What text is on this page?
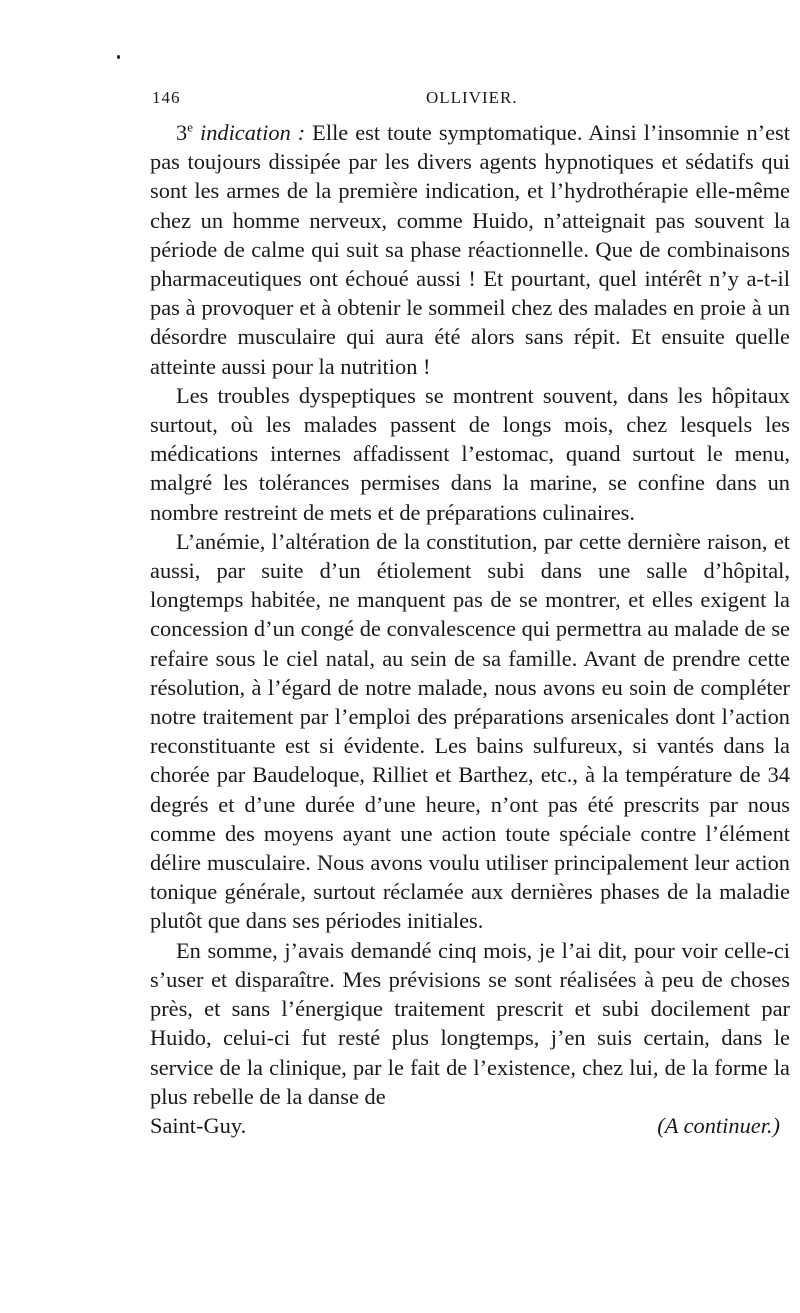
146	OLLIVIER.

3e indication : Elle est toute symptomatique. Ainsi l’insomnie n’est pas toujours dissipée par les divers agents hypnotiques et sédatifs qui sont les armes de la première indication, et l’hydrothérapie elle-même chez un homme nerveux, comme Huido, n’atteignait pas souvent la période de calme qui suit sa phase réactionnelle. Que de combinaisons pharmaceutiques ont échoué aussi ! Et pourtant, quel intérêt n’y a-t-il pas à provoquer et à obtenir le sommeil chez des malades en proie à un désordre musculaire qui aura été alors sans répit. Et ensuite quelle atteinte aussi pour la nutrition !

Les troubles dyspeptiques se montrent souvent, dans les hôpitaux surtout, où les malades passent de longs mois, chez lesquels les médications internes affadissent l’estomac, quand surtout le menu, malgré les tolérances permises dans la marine, se confine dans un nombre restreint de mets et de préparations culinaires.

L’anémie, l’altération de la constitution, par cette dernière raison, et aussi, par suite d’un étiolement subi dans une salle d’hôpital, longtemps habitée, ne manquent pas de se montrer, et elles exigent la concession d’un congé de convalescence qui permettra au malade de se refaire sous le ciel natal, au sein de sa famille. Avant de prendre cette résolution, à l’égard de notre malade, nous avons eu soin de compléter notre traitement par l’emploi des préparations arsenicales dont l’action reconstituante est si évidente. Les bains sulfureux, si vantés dans la chorée par Baudeloque, Rilliet et Barthez, etc., à la température de 34 degrés et d’une durée d’une heure, n’ont pas été prescrits par nous comme des moyens ayant une action toute spéciale contre l’élément délire musculaire. Nous avons voulu utiliser principalement leur action tonique générale, surtout réclamée aux dernières phases de la maladie plutôt que dans ses périodes initiales.

En somme, j’avais demandé cinq mois, je l’ai dit, pour voir celle-ci s’user et disparaître. Mes prévisions se sont réalisées à peu de choses près, et sans l’énergique traitement prescrit et subi docilement par Huido, celui-ci fut resté plus longtemps, j’en suis certain, dans le service de la clinique, par le fait de l’existence, chez lui, de la forme la plus rebelle de la danse de

Saint-Guy.	(A continuer.)
